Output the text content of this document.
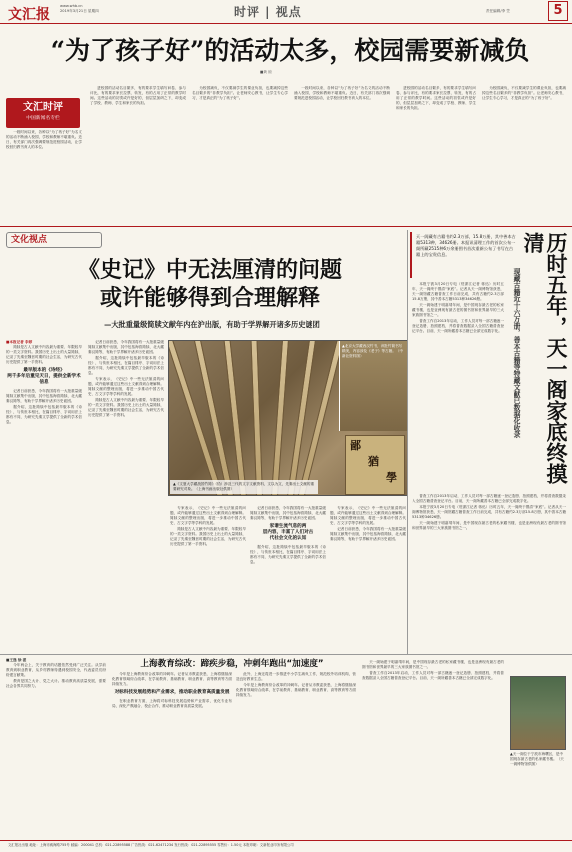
文汇报
www.whb.cn
2019年3月21日 星期四	时评 | 视点	责任编辑/李 笠	5
“为了孩子好”的活动太多，校园需要新减负
■黄 琼
文汇时评
中国新闻名专栏

一段时间以来，各种以“为了孩子好”为名义的活动不断涌入校园，学校和教师不堪重负。近日，有关部门再次强调要规范进校园活动，让学校回归教书育人的本位。

进校园的活动名目繁多，有的要求学生填写问卷、参与评比，有的要求家长拉票、转发，有的占用了正常的教学时间。这些活动的初衷或许是好的，但层层加码之下，却变成了学校、教师、学生和家长的负担。

为校园减负，不仅要减学生的课业负担，也要减掉这些名目繁多的“非教学负担”。让老师安心教书，让学生专心学习，才是真正的“为了孩子好”。

一段时间以来，各种以“为了孩子好”为名义的活动不断涌入校园，学校和教师不堪重负。近日，有关部门再次强调要规范进校园活动，让学校回归教书育人的本位。

进校园的活动名目繁多，有的要求学生填写问卷、参与评比，有的要求家长拉票、转发，有的占用了正常的教学时间。这些活动的初衷或许是好的，但层层加码之下，却变成了学校、教师、学生和家长的负担。

为校园减负，不仅要减学生的课业负担，也要减掉这些名目繁多的“非教学负担”。让老师安心教书，让学生专心学习，才是真正的“为了孩子好”。

文化视点
《史记》中无法厘清的问题
或许能够得到合理解释
—大批重量级简牍文献年内在沪出版，有助于学界解开诸多历史谜团
■本报记者 李婷

简牍是古人文献中内容最为重要、年限较早的一类文字资料。我国历史上出土的大量简牍，记录了先秦至魏晋时期的社会生活，为研究古代历史提供了第一手资料。

最早版本的《诗经》
两千多年后重见天日，提供全新学术信息

记者日前获悉，今年我国将有一大批重量级简牍文献集中出版，其中包括海昏简牍、北大藏秦汉简等，有助于学界解开诸多历史谜团。

据介绍，这批简牍中包括最早版本的《诗经》，与传世本相比，在篇目排序、字词用法上都有不同，为研究先秦文学提供了全新的学术信息。

记者日前获悉，今年我国将有一大批重量级简牍文献集中出版，其中包括海昏简牍、北大藏秦汉简等，有助于学界解开诸多历史谜团。

据介绍，这批简牍中包括最早版本的《诗经》，与传世本相比，在篇目排序、字词用法上都有不同，为研究先秦文学提供了全新的学术信息。

专家表示，《史记》中一些无法厘清的问题，或许能够通过这些出土文献得到合理解释。简牍文献的整理出版，将进一步推动中国古代史、古文字学等学科的发展。

简牍是古人文献中内容最为重要、年限较早的一类文字资料。我国历史上出土的大量简牍，记录了先秦至魏晋时期的社会生活，为研究古代历史提供了第一手资料。

鄙
猶
學
▲北京大学藏西汉竹书，该批竹简书写精美，内容涉及《老子》等古籍。（中新社资料图）
▲《文夏大学藏战国竹简》（拾）涉及三代的文字文献资料，文以为文，先秦出土文献的重要研究对象。（上海书画出版社供图）

专家表示，《史记》中一些无法厘清的问题，或许能够通过这些出土文献得到合理解释。简牍文献的整理出版，将进一步推动中国古代史、古文字学等学科的发展。

简牍是古人文献中内容最为重要、年限较早的一类文字资料。我国历史上出土的大量简牍，记录了先秦至魏晋时期的社会生活，为研究古代历史提供了第一手资料。

记者日前获悉，今年我国将有一大批重量级简牍文献集中出版，其中包括海昏简牍、北大藏秦汉简等，有助于学界解开诸多历史谜团。

家谱生流气息的两
层内容，丰富了人们对古
代社会文化的认知

据介绍，这批简牍中包括最早版本的《诗经》，与传世本相比，在篇目排序、字词用法上都有不同，为研究先秦文学提供了全新的学术信息。

专家表示，《史记》中一些无法厘清的问题，或许能够通过这些出土文献得到合理解释。简牍文献的整理出版，将进一步推动中国古代史、古文字学等学科的发展。

记者日前获悉，今年我国将有一大批重量级简牍文献集中出版，其中包括海昏简牍、北大藏秦汉简等，有助于学界解开诸多历史谜团。

天一阁藏有古籍书约2.3万部，15.8万册，其中善本古籍5313种，34626册。本报讯清理工作的首次公布一阁所藏2515种6万余册图书首次重新公布了书写在古籍上的宝贵信息。	历时五年，天一阁家底终摸清
现藏古籍近十六万册，善本古籍等特藏文献已数据化收录

本报宁波3月20日专电（驻浙江记者 蒋迅）历时五年，天一阁终于摸清“家底”。记者从天一阁博物馆获悉，天一阁馆藏古籍普查工作日前完成，共有古籍约2.3万部15.8万册，其中善本古籍5313种34626册。

天一阁始建于明嘉靖年间，是中国现存最古老的私家藏书楼，也是亚洲现有最古老的图书馆和世界最早的三大家族图书馆之一。

普查工作自2013年启动，工作人员对每一部古籍逐一登记造册、拍照建档，并将普查数据录入全国古籍普查登记平台。目前，天一阁所藏善本古籍已全部完成数字化。

普查工作自2013年启动，工作人员对每一部古籍逐一登记造册、拍照建档，并将普查数据录入全国古籍普查登记平台。目前，天一阁所藏善本古籍已全部完成数字化。

本报宁波3月20日专电（驻浙江记者 蒋迅）历时五年，天一阁终于摸清“家底”。记者从天一阁博物馆获悉，天一阁馆藏古籍普查工作日前完成，共有古籍约2.3万部15.8万册，其中善本古籍5313种34626册。

天一阁始建于明嘉靖年间，是中国现存最古老的私家藏书楼，也是亚洲现有最古老的图书馆和世界最早的三大家族图书馆之一。

■王逸 徐 湛

今年两会上，关于教育的话题依然受到广泛关注。从学前教育到职业教育，从乡村教师待遇到校园安全，代表委员们纷纷建言献策。

教育是国之大计、党之大计。推动教育高质量发展，需要社会各界共同努力。

上海教育综改：蹄疾步稳，冲刺年跑出“加速度”

今年是上海教育综合改革的冲刺年。记者从市教委获悉，上海将继续深化教育领域综合改革，在学前教育、基础教育、职业教育、高等教育等方面持续发力。

对标科技发展趋势和产业需求，推动职业教育高质量发展

在职业教育方面，上海将对标科技发展趋势和产业需求，优化专业布局，深化产教融合、校企合作，推动职业教育高质量发展。

此外，上海还将进一步推进中小学生减负工作，规范校外培训机构，营造良好教育生态。

今年是上海教育综合改革的冲刺年。记者从市教委获悉，上海将继续深化教育领域综合改革，在学前教育、基础教育、职业教育、高等教育等方面持续发力。

天一阁始建于明嘉靖年间，是中国现存最古老的私家藏书楼，也是亚洲现有最古老的图书馆和世界最早的三大家族图书馆之一。

普查工作自2013年启动，工作人员对每一部古籍逐一登记造册、拍照建档，并将普查数据录入全国古籍普查登记平台。目前，天一阁所藏善本古籍已全部完成数字化。

▲天一阁位于宁波市海曙区，是中国现存最古老的私家藏书楼。（天一阁博物馆供图）
文汇报社出版 地址：上海市威海路755号 邮编：200041 总机：021-22895588 广告热线：021-62471234 发行热线：021-22895555 零售价：1.50元 本报印刷：文新报业印务有限公司
